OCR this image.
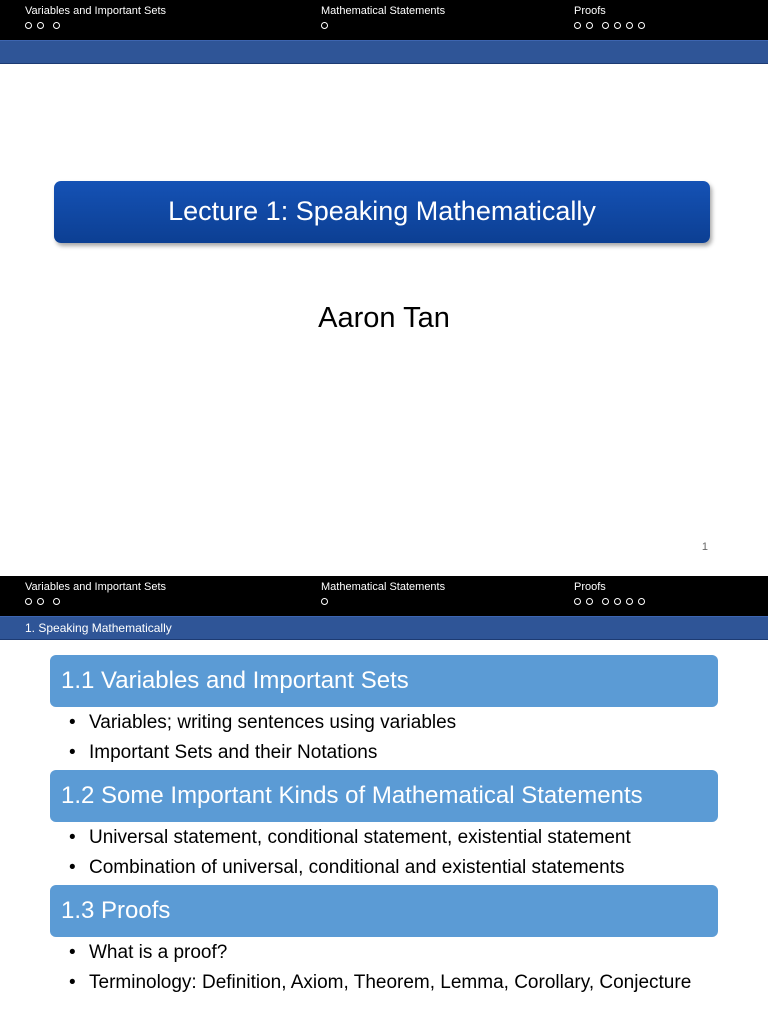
Variables and Important Sets	Mathematical Statements	Proofs
Lecture 1: Speaking Mathematically
Aaron Tan
1
Variables and Important Sets	Mathematical Statements	Proofs
1. Speaking Mathematically
1.1 Variables and Important Sets
• Variables; writing sentences using variables
• Important Sets and their Notations
1.2 Some Important Kinds of Mathematical Statements
• Universal statement, conditional statement, existential statement
• Combination of universal, conditional and existential statements
1.3 Proofs
• What is a proof?
• Terminology: Definition, Axiom, Theorem, Lemma, Corollary, Conjecture
